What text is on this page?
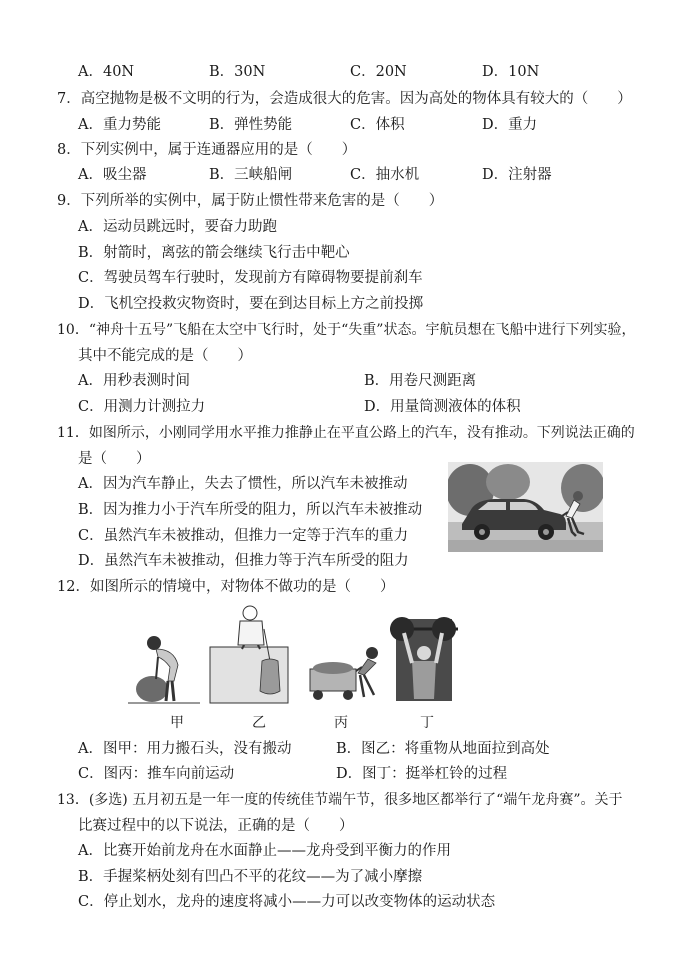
A．40N	B．30N	C．20N	D．10N
7．高空抛物是极不文明的行为，会造成很大的危害。因为高处的物体具有较大的（　　）
A．重力势能	B．弹性势能	C．体积	D．重力
8．下列实例中，属于连通器应用的是（　　）
A．吸尘器	B．三峡船闸	C．抽水机	D．注射器
9．下列所举的实例中，属于防止惯性带来危害的是（　　）
A．运动员跳远时，要奋力助跑
B．射箭时，离弦的箭会继续飞行击中靶心
C．驾驶员驾车行驶时，发现前方有障碍物要提前刹车
D．飞机空投救灾物资时，要在到达目标上方之前投掷
10．“神舟十五号”飞船在太空中飞行时，处于“失重”状态。宇航员想在飞船中进行下列实验，
其中不能完成的是（　　）
A．用秒表测时间	B．用卷尺测距离
C．用测力计测拉力	D．用量筒测液体的体积
11．如图所示，小刚同学用水平推力推静止在平直公路上的汽车，没有推动。下列说法正确的
是（　　）
A．因为汽车静止，失去了惯性，所以汽车未被推动
B．因为推力小于汽车所受的阻力，所以汽车未被推动
C．虽然汽车未被推动，但推力一定等于汽车的重力
D．虽然汽车未被推动，但推力等于汽车所受的阻力
12．如图所示的情境中，对物体不做功的是（　　）
甲	乙	丙	丁
A．图甲：用力搬石头，没有搬动	B．图乙：将重物从地面拉到高处
C．图丙：推车向前运动	D．图丁：挺举杠铃的过程
13．(多选) 五月初五是一年一度的传统佳节端午节，很多地区都举行了“端午龙舟赛”。关于
比赛过程中的以下说法，正确的是（　　）
A．比赛开始前龙舟在水面静止——龙舟受到平衡力的作用
B．手握桨柄处刻有凹凸不平的花纹——为了减小摩擦
C．停止划水，龙舟的速度将减小——力可以改变物体的运动状态
